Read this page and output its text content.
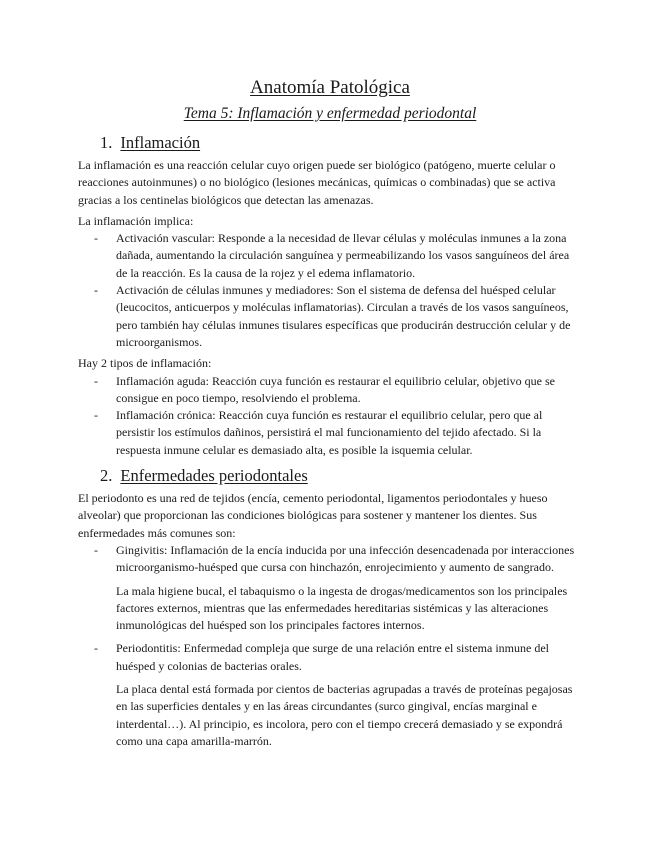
Anatomía Patológica
Tema 5: Inflamación y enfermedad periodontal
1. Inflamación

La inflamación es una reacción celular cuyo origen puede ser biológico (patógeno, muerte celular o reacciones autoinmunes) o no biológico (lesiones mecánicas, químicas o combinadas) que se activa gracias a los centinelas biológicos que detectan las amenazas.

La inflamación implica:

- Activación vascular: Responde a la necesidad de llevar células y moléculas inmunes a la zona dañada, aumentando la circulación sanguínea y permeabilizando los vasos sanguíneos del área de la reacción. Es la causa de la rojez y el edema inflamatorio.
- Activación de células inmunes y mediadores: Son el sistema de defensa del huésped celular (leucocitos, anticuerpos y moléculas inflamatorias). Circulan a través de los vasos sanguíneos, pero también hay células inmunes tisulares específicas que producirán destrucción celular y de microorganismos.

Hay 2 tipos de inflamación:

- Inflamación aguda: Reacción cuya función es restaurar el equilibrio celular, objetivo que se consigue en poco tiempo, resolviendo el problema.
- Inflamación crónica: Reacción cuya función es restaurar el equilibrio celular, pero que al persistir los estímulos dañinos, persistirá el mal funcionamiento del tejido afectado. Si la respuesta inmune celular es demasiado alta, es posible la isquemia celular.
2. Enfermedades periodontales

El periodonto es una red de tejidos (encía, cemento periodontal, ligamentos periodontales y hueso alveolar) que proporcionan las condiciones biológicas para sostener y mantener los dientes. Sus enfermedades más comunes son:

- Gingivitis: Inflamación de la encía inducida por una infección desencadenada por interacciones microorganismo-huésped que cursa con hinchazón, enrojecimiento y aumento de sangrado.
La mala higiene bucal, el tabaquismo o la ingesta de drogas/medicamentos son los principales factores externos, mientras que las enfermedades hereditarias sistémicas y las alteraciones inmunológicas del huésped son los principales factores internos.
- Periodontitis: Enfermedad compleja que surge de una relación entre el sistema inmune del huésped y colonias de bacterias orales.
La placa dental está formada por cientos de bacterias agrupadas a través de proteínas pegajosas en las superficies dentales y en las áreas circundantes (surco gingival, encías marginal e interdental…). Al principio, es incolora, pero con el tiempo crecerá demasiado y se expondrá como una capa amarilla-marrón.
